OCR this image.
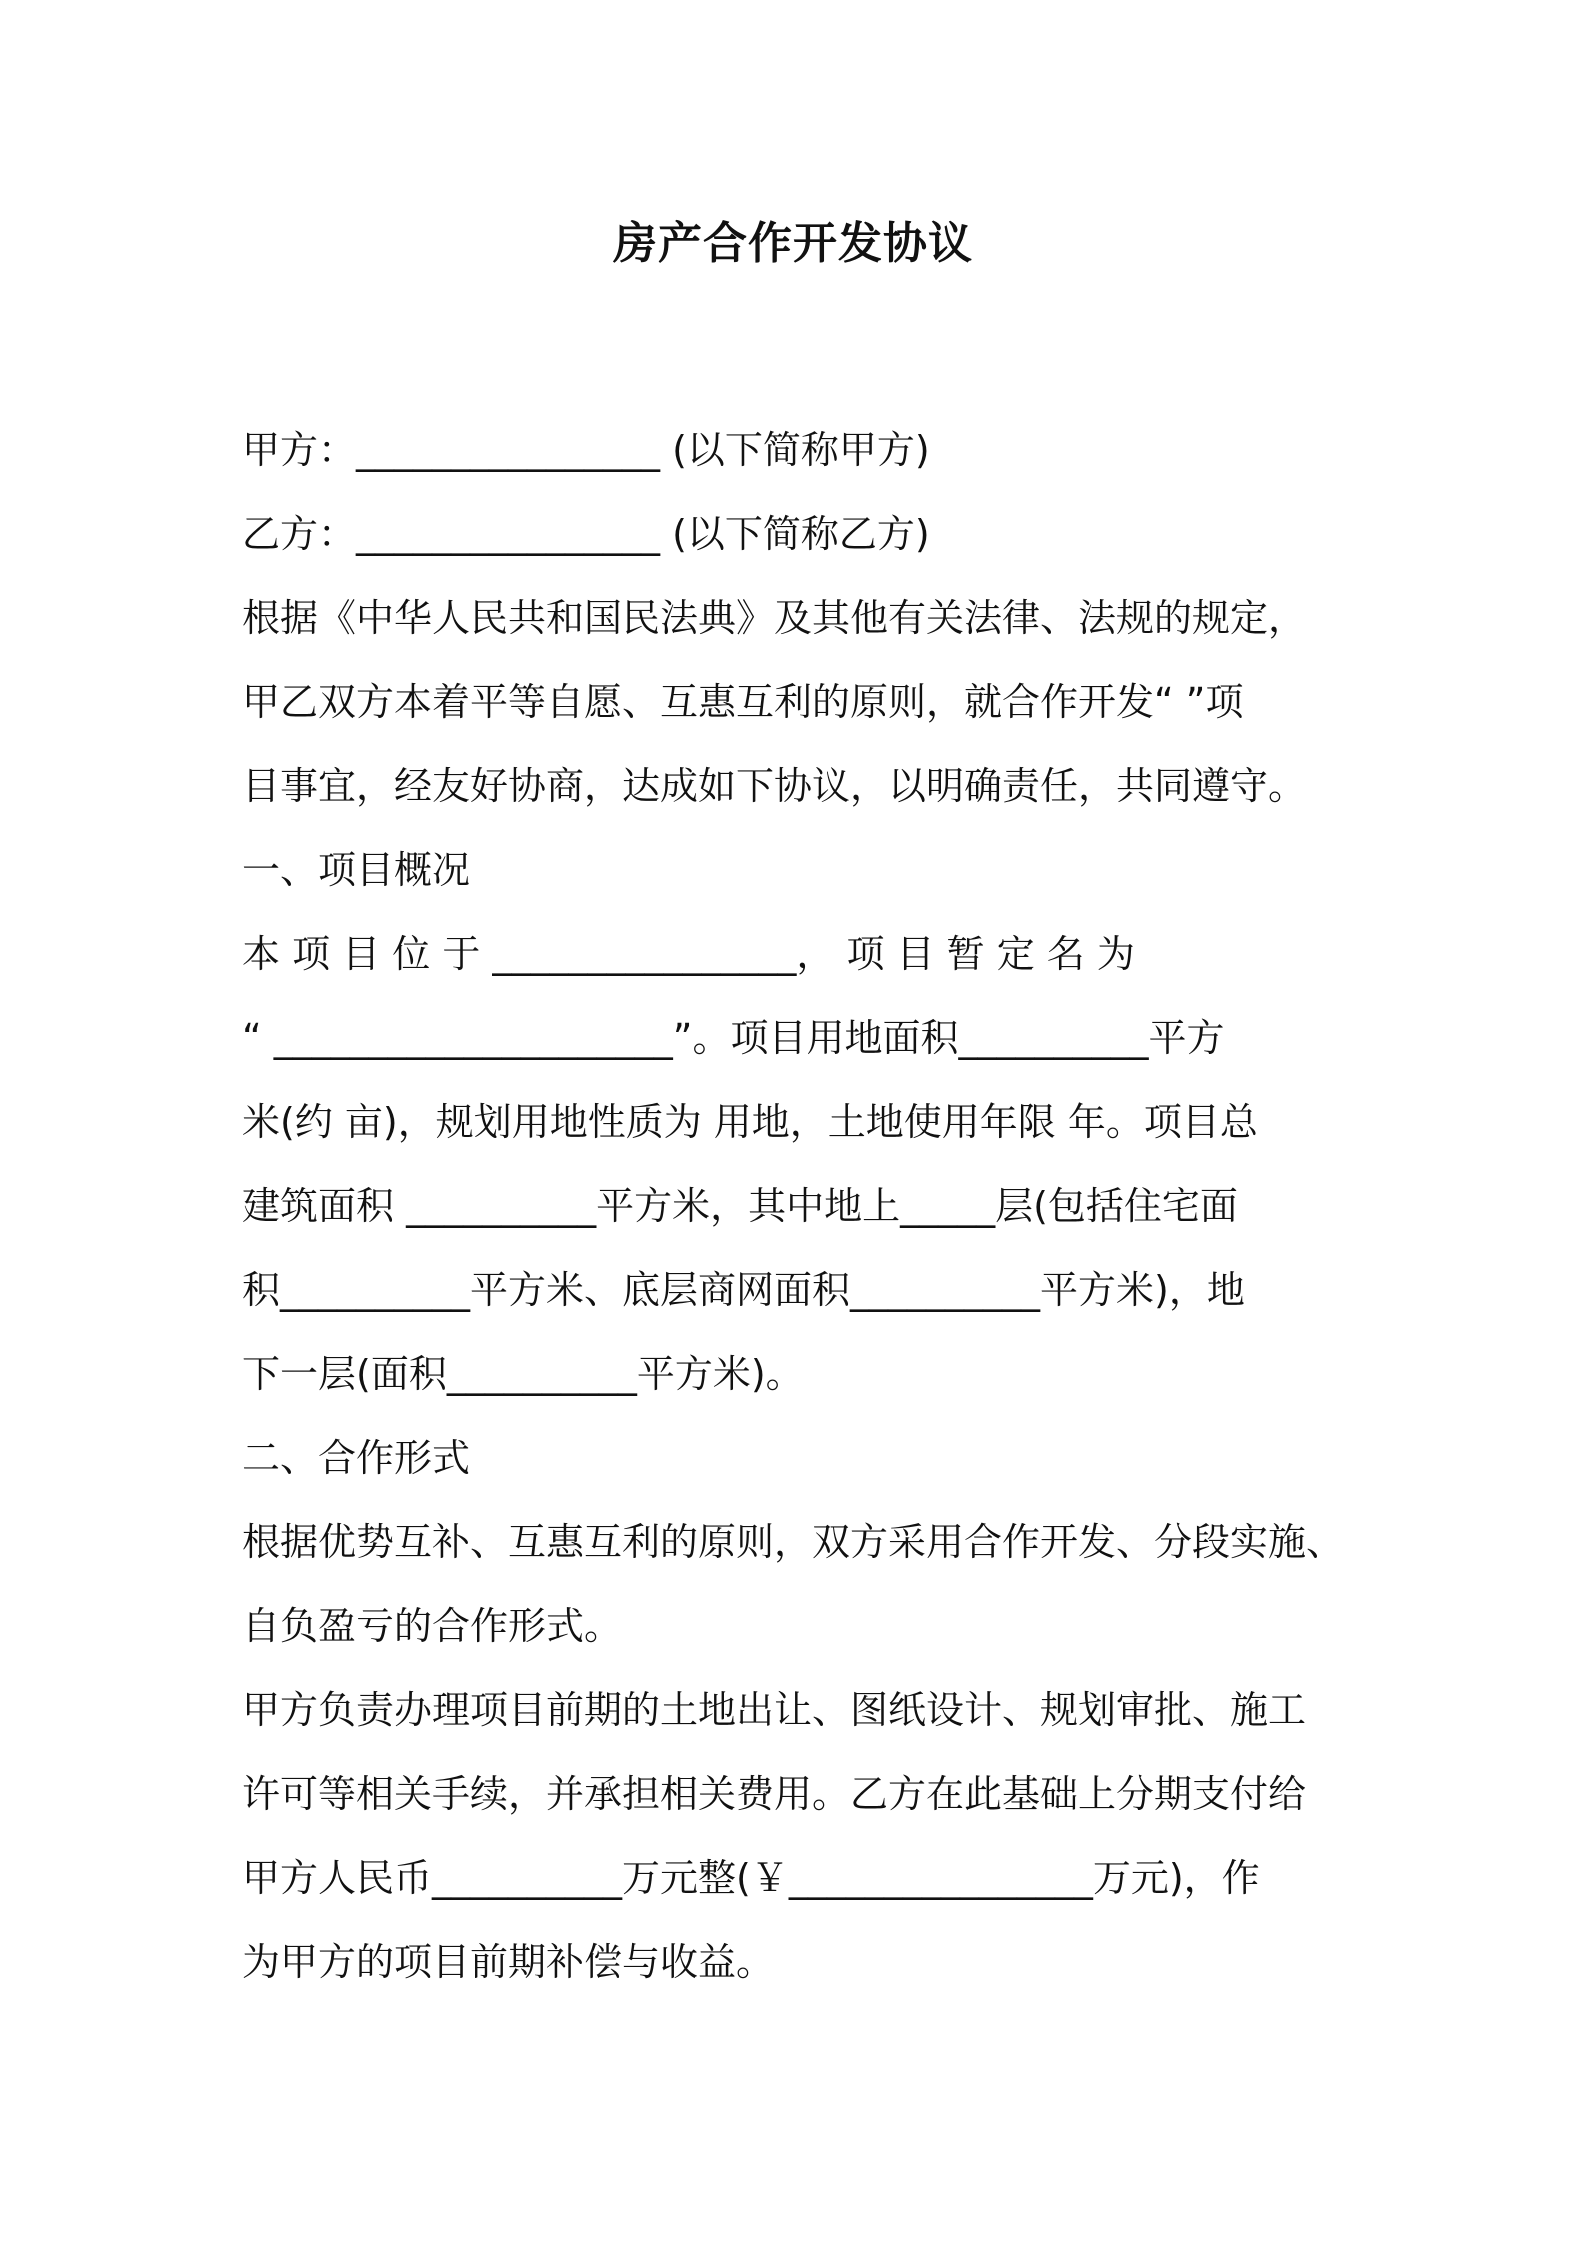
房产合作开发协议
甲方：________________ (以下简称甲方)
乙方：________________ (以下简称乙方)
根据《中华人民共和国民法典》及其他有关法律、法规的规定，
甲乙双方本着平等自愿、互惠互利的原则，就合作开发“ ”项
目事宜，经友好协商，达成如下协议，以明确责任，共同遵守。
一、项目概况
本 项 目 位 于 ________________， 项 目 暂 定 名 为
“ _____________________”。项目用地面积__________平方
米(约 亩)，规划用地性质为 用地，土地使用年限 年。项目总
建筑面积 __________平方米，其中地上_____层(包括住宅面
积__________平方米、底层商网面积__________平方米)，地
下一层(面积__________平方米)。
二、合作形式
根据优势互补、互惠互利的原则，双方采用合作开发、分段实施、
自负盈亏的合作形式。
甲方负责办理项目前期的土地出让、图纸设计、规划审批、施工
许可等相关手续，并承担相关费用。乙方在此基础上分期支付给
甲方人民币__________万元整(￥________________万元)，作
为甲方的项目前期补偿与收益。
